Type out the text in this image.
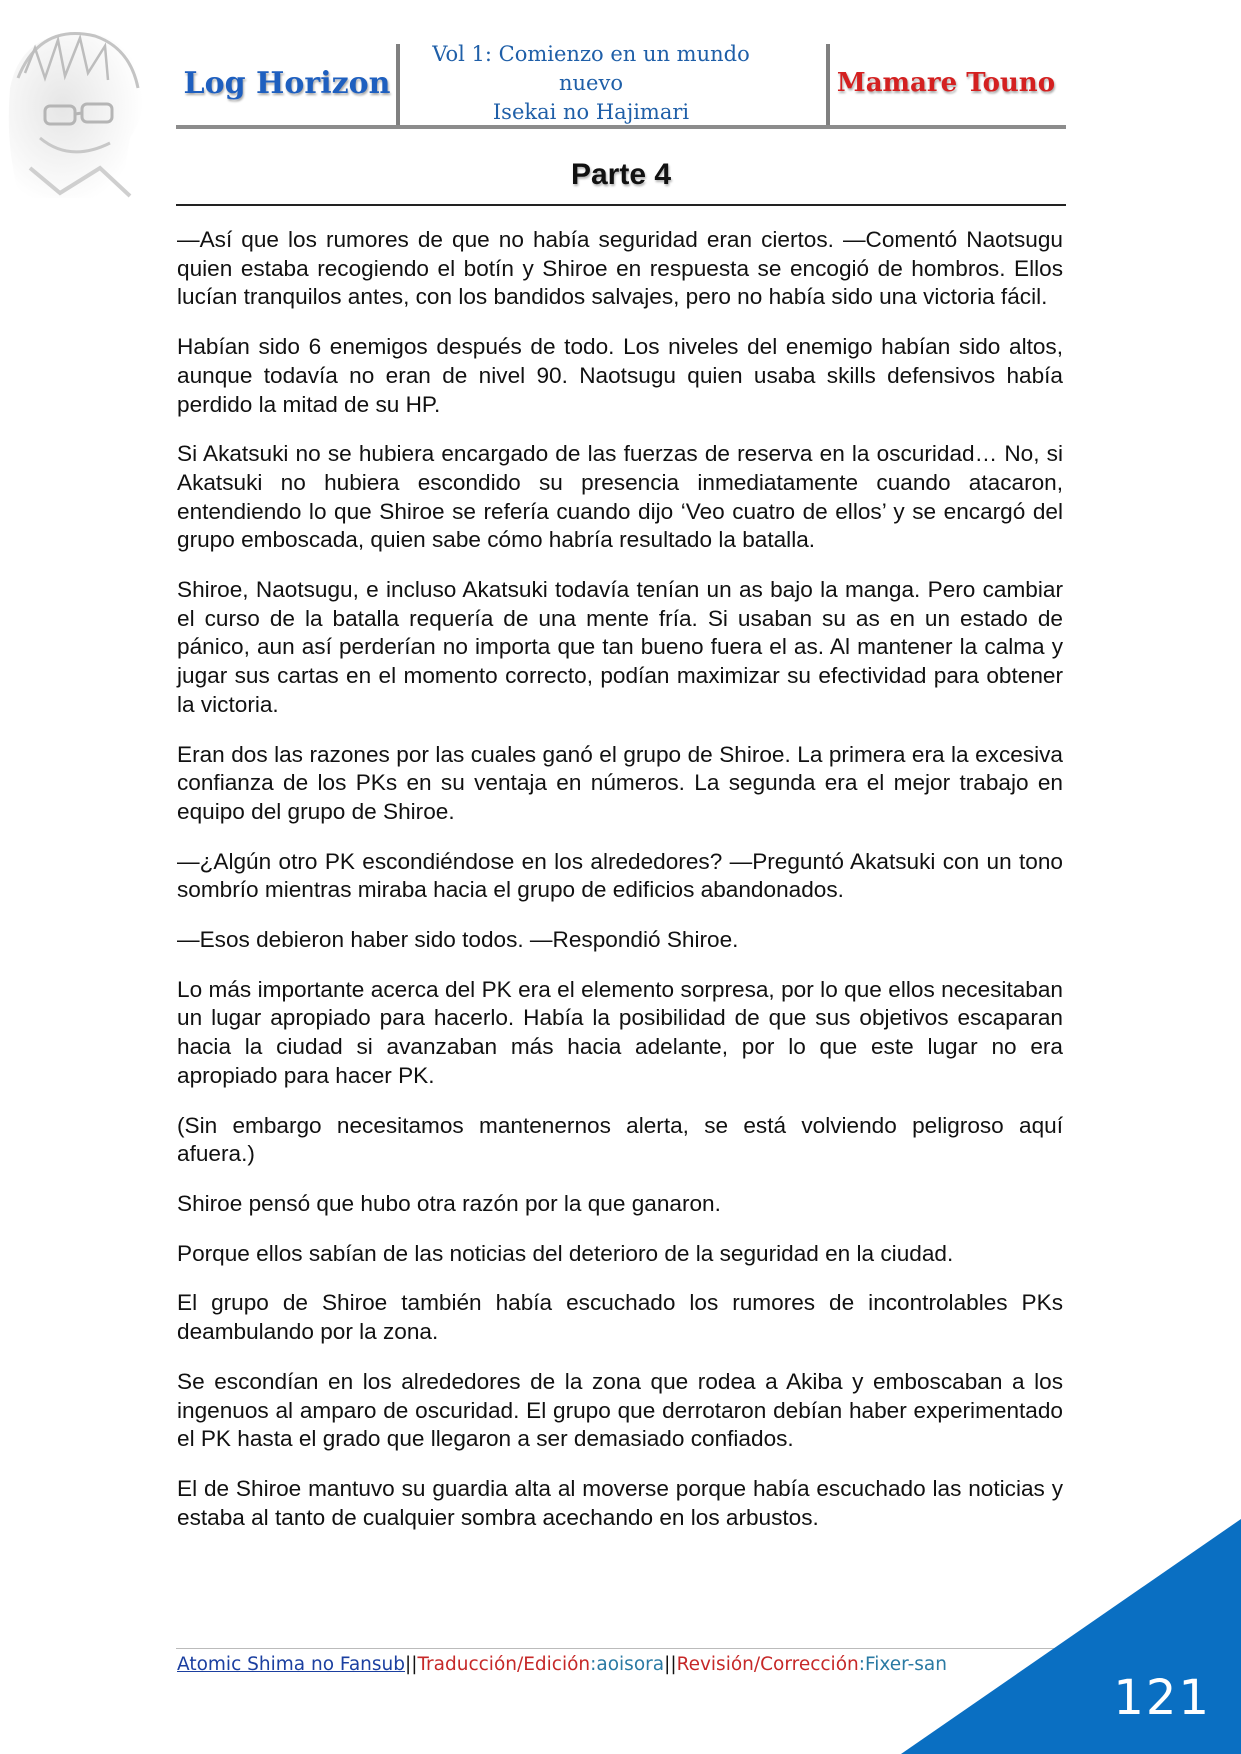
Log Horizon
Vol 1: Comienzo en un mundo nuevo
Isekai no Hajimari
Mamare Touno
Parte 4

—Así que los rumores de que no había seguridad eran ciertos. —Comentó Naotsugu quien estaba recogiendo el botín y Shiroe en respuesta se encogió de hombros. Ellos lucían tranquilos antes, con los bandidos salvajes, pero no había sido una victoria fácil.

Habían sido 6 enemigos después de todo. Los niveles del enemigo habían sido altos, aunque todavía no eran de nivel 90. Naotsugu quien usaba skills defensivos había perdido la mitad de su HP.

Si Akatsuki no se hubiera encargado de las fuerzas de reserva en la oscuridad… No, si Akatsuki no hubiera escondido su presencia inmediatamente cuando atacaron, entendiendo lo que Shiroe se refería cuando dijo ‘Veo cuatro de ellos’ y se encargó del grupo emboscada, quien sabe cómo habría resultado la batalla.

Shiroe, Naotsugu, e incluso Akatsuki todavía tenían un as bajo la manga. Pero cambiar el curso de la batalla requería de una mente fría. Si usaban su as en un estado de pánico, aun así perderían no importa que tan bueno fuera el as. Al mantener la calma y jugar sus cartas en el momento correcto, podían maximizar su efectividad para obtener la victoria.

Eran dos las razones por las cuales ganó el grupo de Shiroe. La primera era la excesiva confianza de los PKs en su ventaja en números. La segunda era el mejor trabajo en equipo del grupo de Shiroe.

—¿Algún otro PK escondiéndose en los alrededores? —Preguntó Akatsuki con un tono sombrío mientras miraba hacia el grupo de edificios abandonados.

—Esos debieron haber sido todos. —Respondió Shiroe.

Lo más importante acerca del PK era el elemento sorpresa, por lo que ellos necesitaban un lugar apropiado para hacerlo. Había la posibilidad de que sus objetivos escaparan hacia la ciudad si avanzaban más hacia adelante, por lo que este lugar no era apropiado para hacer PK.

(Sin embargo necesitamos mantenernos alerta, se está volviendo peligroso aquí afuera.)

Shiroe pensó que hubo otra razón por la que ganaron.

Porque ellos sabían de las noticias del deterioro de la seguridad en la ciudad.

El grupo de Shiroe también había escuchado los rumores de incontrolables PKs deambulando por la zona.

Se escondían en los alrededores de la zona que rodea a Akiba y emboscaban a los ingenuos al amparo de oscuridad. El grupo que derrotaron debían haber experimentado el PK hasta el grado que llegaron a ser demasiado confiados.

El de Shiroe mantuvo su guardia alta al moverse porque había escuchado las noticias y estaba al tanto de cualquier sombra acechando en los arbustos.

Atomic Shima no Fansub||Traducción/Edición:aoisora||Revisión/Corrección:Fixer-san
121
